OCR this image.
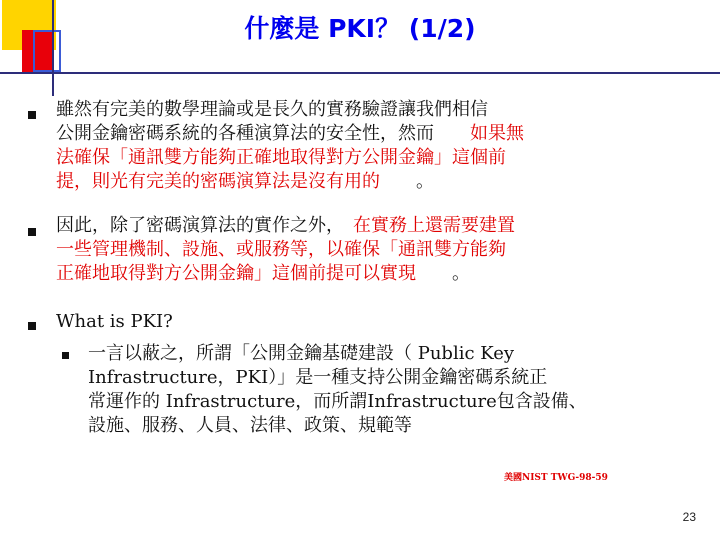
什麼是 PKI？ (1/2)
雖然有完美的數學理論或是長久的實務驗證讓我們相信
公開金鑰密碼系統的各種演算法的安全性，然而　　如果無
法確保「通訊雙方能夠正確地取得對方公開金鑰」這個前
提，則光有完美的密碼演算法是沒有用的　　。
因此，除了密碼演算法的實作之外，　在實務上還需要建置
一些管理機制、設施、或服務等，以確保「通訊雙方能夠
正確地取得對方公開金鑰」這個前提可以實現　　。
What is PKI?
一言以蔽之，所謂「公開金鑰基礎建設（ Public Key
Infrastructure，PKI）」是一種支持公開金鑰密碼系統正
常運作的 Infrastructure，而所謂Infrastructure包含設備、
設施、服務、人員、法律、政策、規範等
美國NIST TWG-98-59
23
